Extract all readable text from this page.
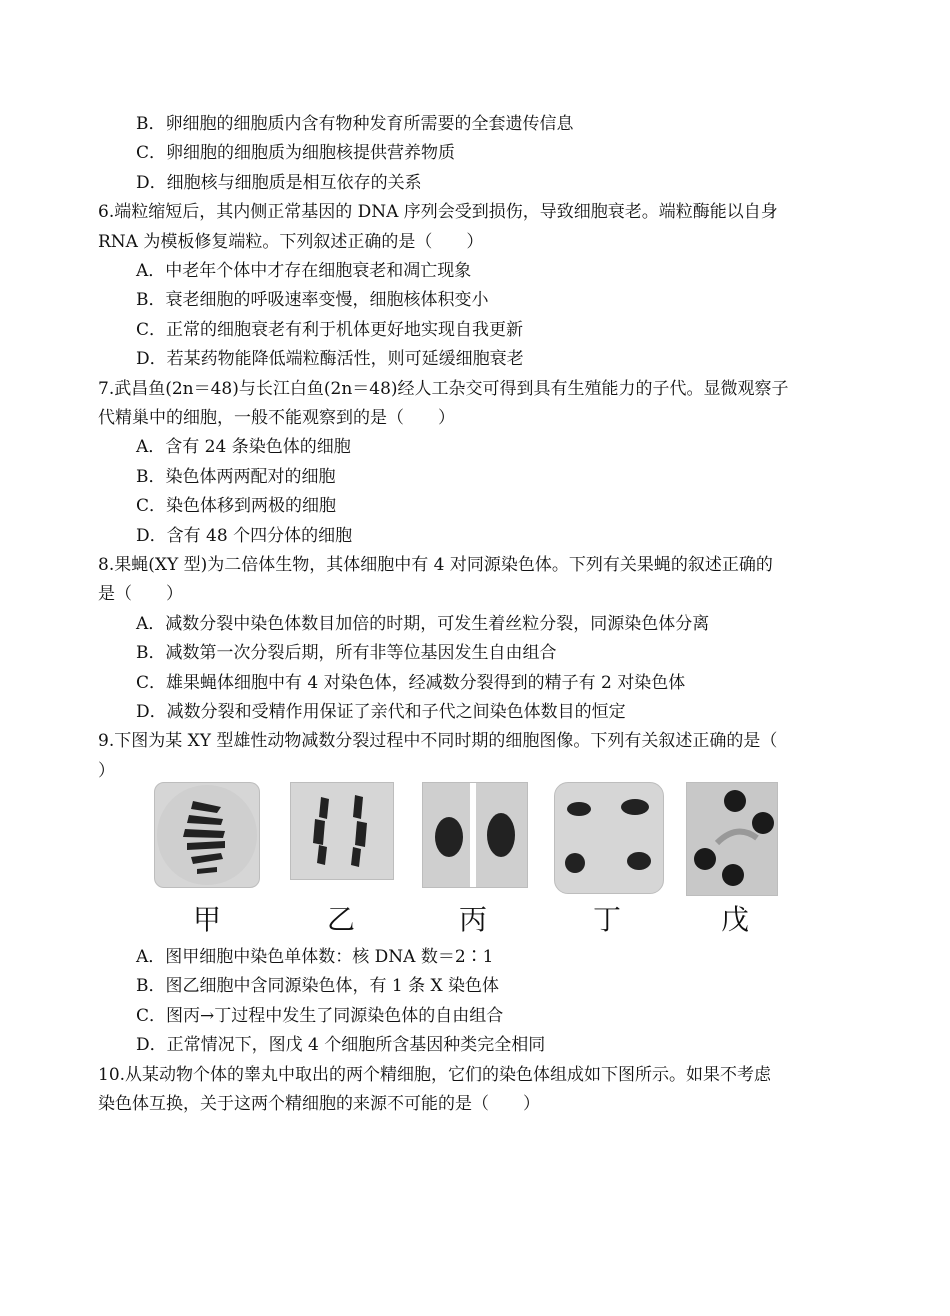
B．卵细胞的细胞质内含有物种发育所需要的全套遗传信息
C．卵细胞的细胞质为细胞核提供营养物质
D．细胞核与细胞质是相互依存的关系
6.端粒缩短后，其内侧正常基因的 DNA 序列会受到损伤，导致细胞衰老。端粒酶能以自身
RNA 为模板修复端粒。下列叙述正确的是（　　）
A．中老年个体中才存在细胞衰老和凋亡现象
B．衰老细胞的呼吸速率变慢，细胞核体积变小
C．正常的细胞衰老有利于机体更好地实现自我更新
D．若某药物能降低端粒酶活性，则可延缓细胞衰老
7.武昌鱼(2n＝48)与长江白鱼(2n＝48)经人工杂交可得到具有生殖能力的子代。显微观察子
代精巢中的细胞，一般不能观察到的是（　　）
A．含有 24 条染色体的细胞
B．染色体两两配对的细胞
C．染色体移到两极的细胞
D．含有 48 个四分体的细胞
8.果蝇(XY 型)为二倍体生物，其体细胞中有 4 对同源染色体。下列有关果蝇的叙述正确的
是（　　）
A．减数分裂中染色体数目加倍的时期，可发生着丝粒分裂，同源染色体分离
B．减数第一次分裂后期，所有非等位基因发生自由组合
C．雄果蝇体细胞中有 4 对染色体，经减数分裂得到的精子有 2 对染色体
D．减数分裂和受精作用保证了亲代和子代之间染色体数目的恒定
9.下图为某 XY 型雄性动物减数分裂过程中不同时期的细胞图像。下列有关叙述正确的是（
）
甲	乙	丙	丁	戊
A．图甲细胞中染色单体数：核 DNA 数＝2∶1
B．图乙细胞中含同源染色体，有 1 条 X 染色体
C．图丙→丁过程中发生了同源染色体的自由组合
D．正常情况下，图戊 4 个细胞所含基因种类完全相同
10.从某动物个体的睾丸中取出的两个精细胞，它们的染色体组成如下图所示。如果不考虑
染色体互换，关于这两个精细胞的来源不可能的是（　　）
